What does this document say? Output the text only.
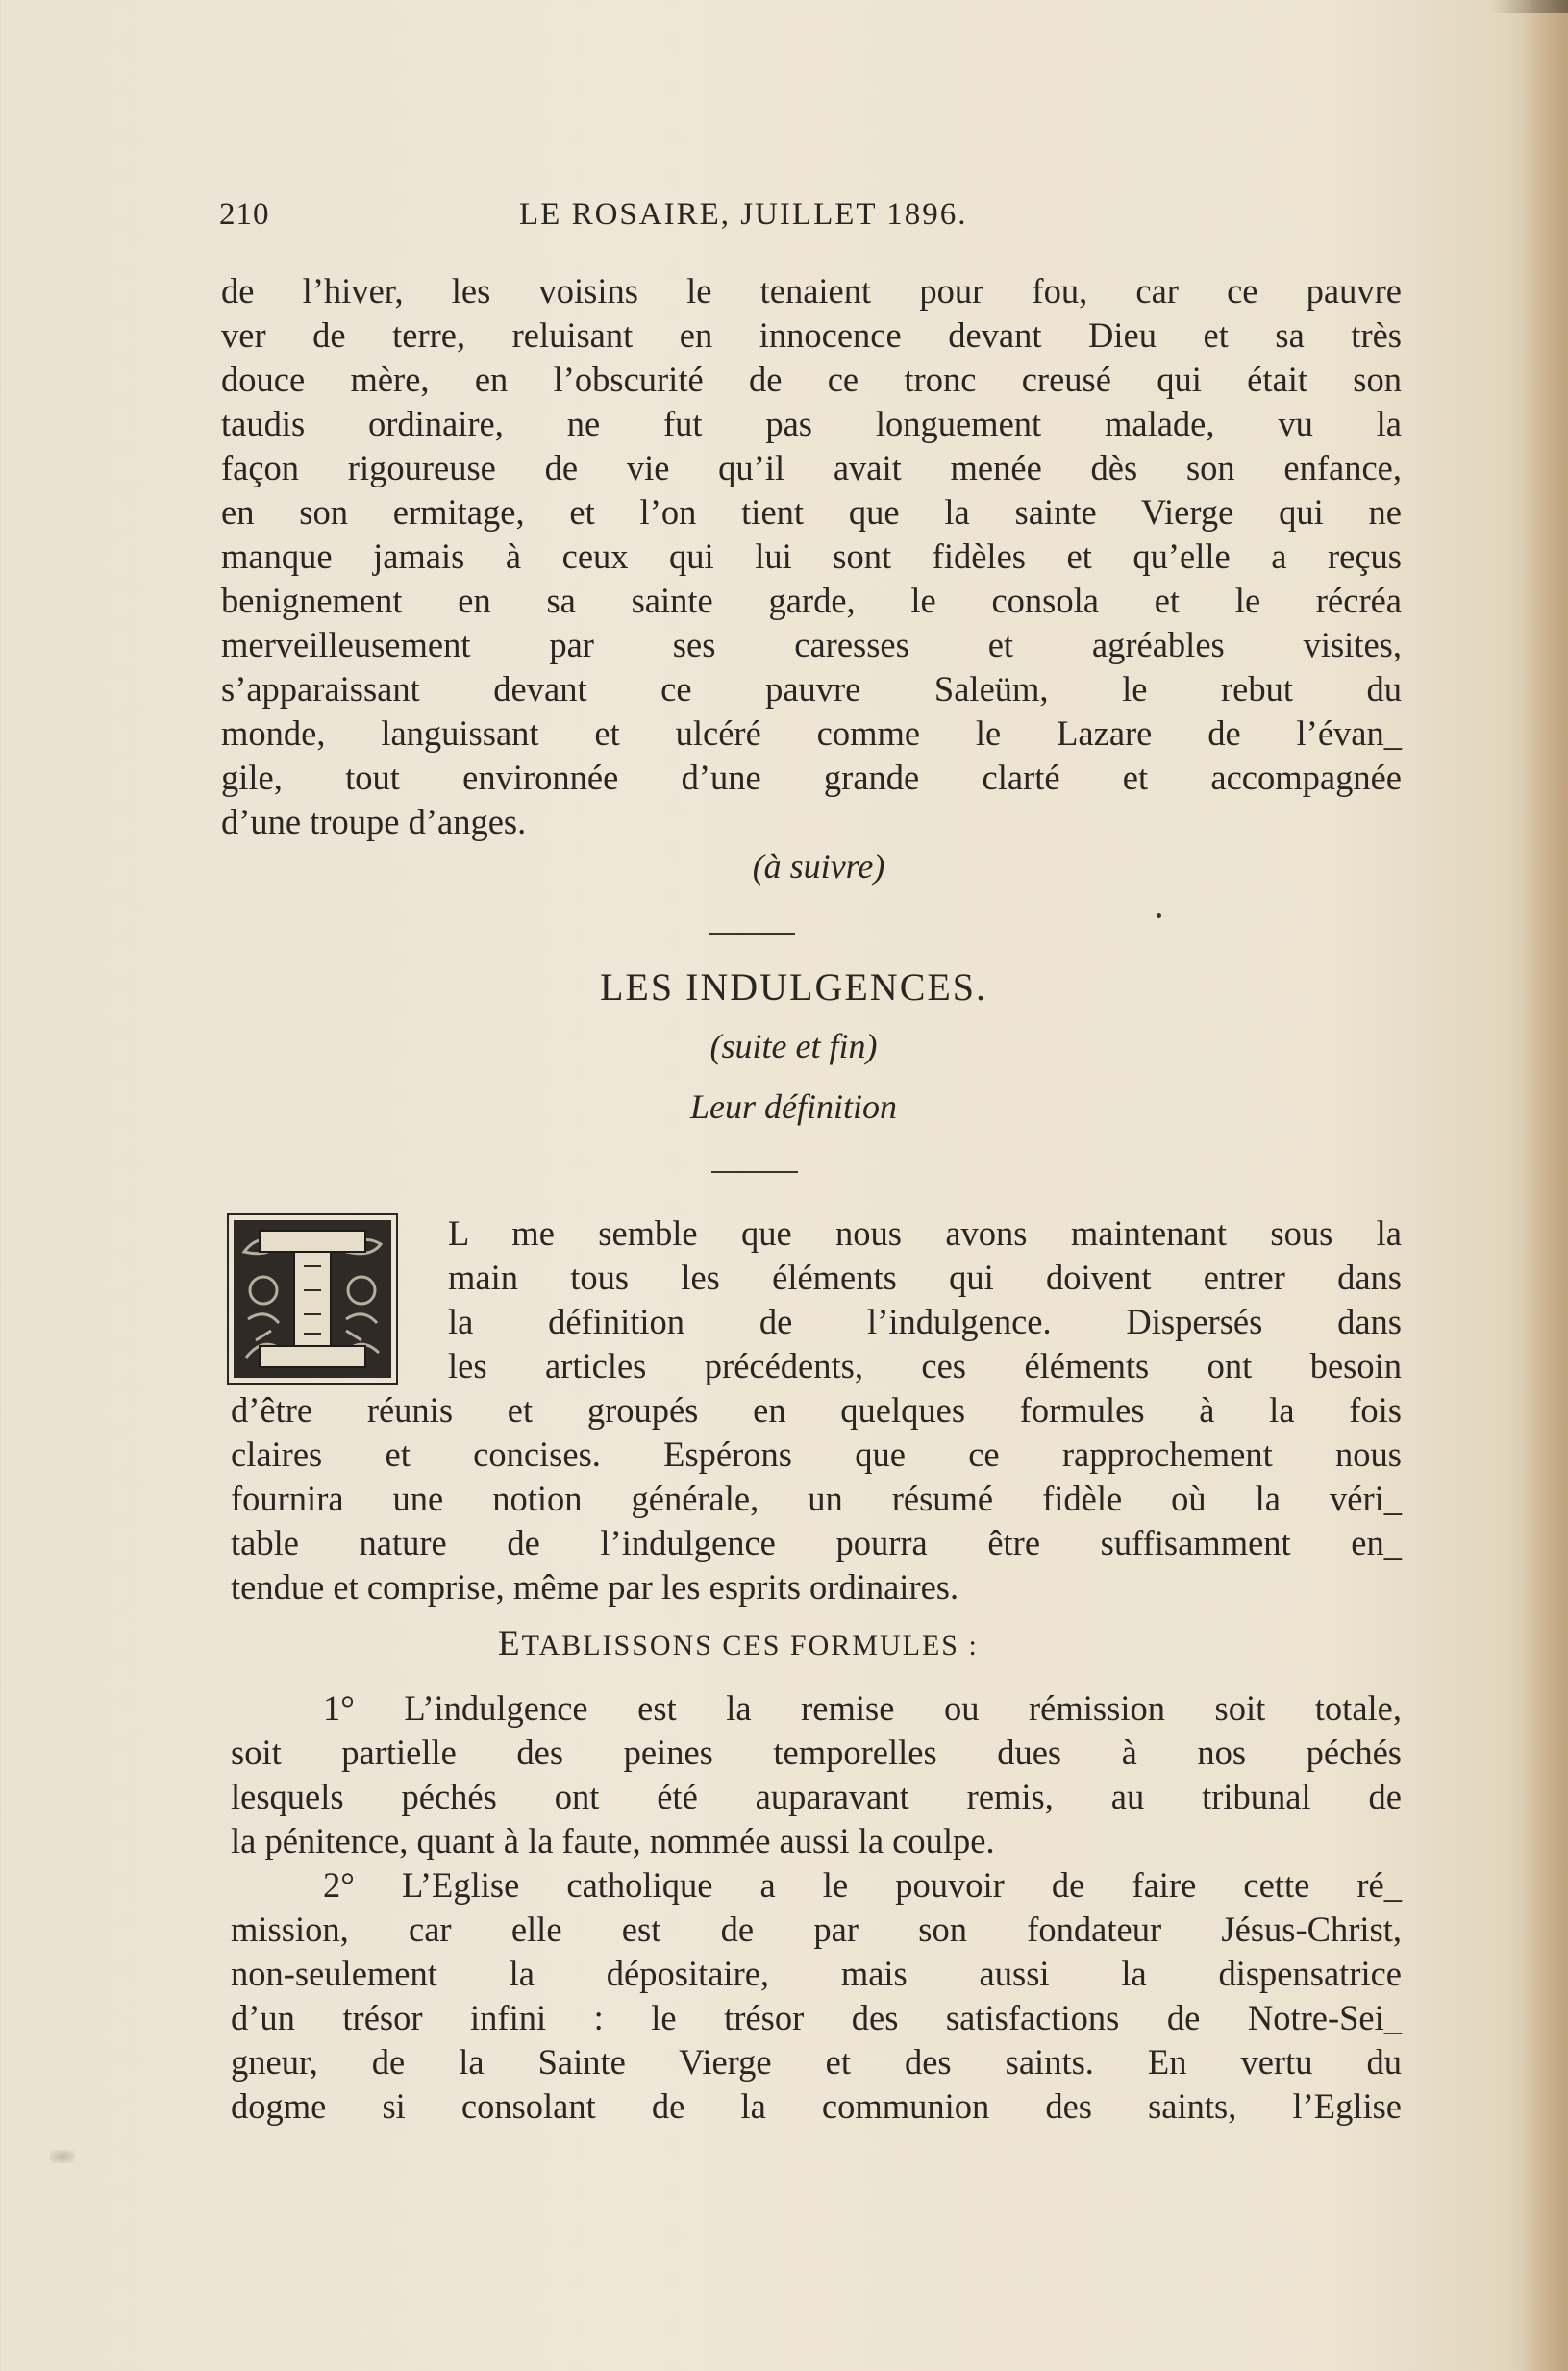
210	LE ROSAIRE, JUILLET 1896.
de l’hiver, les voisins le tenaient pour fou, car ce pauvre
ver de terre, reluisant en innocence devant Dieu et sa très
douce mère, en l’obscurité de ce tronc creusé qui était son
taudis ordinaire, ne fut pas longuement malade, vu la
façon rigoureuse de vie qu’il avait menée dès son enfance,
en son ermitage, et l’on tient que la sainte Vierge qui ne
manque jamais à ceux qui lui sont fidèles et qu’elle a reçus
benignement en sa sainte garde, le consola et le récréa
merveilleusement par ses caresses et agréables visites,
s’apparaissant devant ce pauvre Saleüm, le rebut du
monde, languissant et ulcéré comme le Lazare de l’évan_
gile, tout environnée d’une grande clarté et accompagnée
d’une troupe d’anges.
(à suivre)
LES INDULGENCES.
(suite et fin)
Leur définition
L me semble que nous avons maintenant sous la
main tous les éléments qui doivent entrer dans
la définition de l’indulgence. Dispersés dans
les articles précédents, ces éléments ont besoin
d’être réunis et groupés en quelques formules à la fois
claires et concises. Espérons que ce rapprochement nous
fournira une notion générale, un résumé fidèle où la véri_
table nature de l’indulgence pourra être suffisamment en_
tendue et comprise, même par les esprits ordinaires.
1° L’indulgence est la remise ou rémission soit totale,
soit partielle des peines temporelles dues à nos péchés
lesquels péchés ont été auparavant remis, au tribunal de
la pénitence, quant à la faute, nommée aussi la coulpe.
2° L’Eglise catholique a le pouvoir de faire cette ré_
mission, car elle est de par son fondateur Jésus-Christ,
non-seulement la dépositaire, mais aussi la dispensatrice
d’un trésor infini : le trésor des satisfactions de Notre-Sei_
gneur, de la Sainte Vierge et des saints. En vertu du
dogme si consolant de la communion des saints, l’Eglise
ETABLISSONS CES FORMULES :
